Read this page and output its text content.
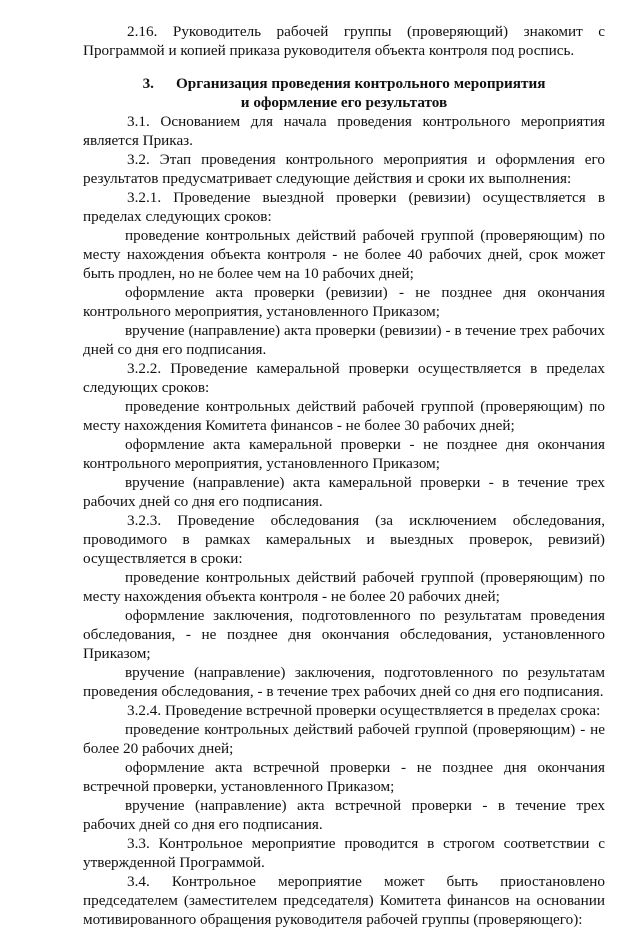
2.16. Руководитель рабочей группы (проверяющий) знакомит с Программой и копией приказа руководителя объекта контроля под роспись.

3. Организация проведения контрольного мероприятия
и оформление его результатов

3.1. Основанием для начала проведения контрольного мероприятия является Приказ.

3.2. Этап проведения контрольного мероприятия и оформления его результатов предусматривает следующие действия и сроки их выполнения:

3.2.1. Проведение выездной проверки (ревизии) осуществляется в пределах следующих сроков:

проведение контрольных действий рабочей группой (проверяющим) по месту нахождения объекта контроля - не более 40 рабочих дней, срок может быть продлен, но не более чем на 10 рабочих дней;

оформление акта проверки (ревизии) - не позднее дня окончания контрольного мероприятия, установленного Приказом;

вручение (направление) акта проверки (ревизии) - в течение трех рабочих дней со дня его подписания.

3.2.2. Проведение камеральной проверки осуществляется в пределах следующих сроков:

проведение контрольных действий рабочей группой (проверяющим) по месту нахождения Комитета финансов - не более 30 рабочих дней;

оформление акта камеральной проверки - не позднее дня окончания контрольного мероприятия, установленного Приказом;

вручение (направление) акта камеральной проверки - в течение трех рабочих дней со дня его подписания.

3.2.3. Проведение обследования (за исключением обследования, проводимого в рамках камеральных и выездных проверок, ревизий) осуществляется в сроки:

проведение контрольных действий рабочей группой (проверяющим) по месту нахождения объекта контроля - не более 20 рабочих дней;

оформление заключения, подготовленного по результатам проведения обследования, - не позднее дня окончания обследования, установленного Приказом;

вручение (направление) заключения, подготовленного по результатам проведения обследования, - в течение трех рабочих дней со дня его подписания.

3.2.4. Проведение встречной проверки осуществляется в пределах срока:

проведение контрольных действий рабочей группой (проверяющим) - не более 20 рабочих дней;

оформление акта встречной проверки - не позднее дня окончания встречной проверки, установленного Приказом;

вручение (направление) акта встречной проверки - в течение трех рабочих дней со дня его подписания.

3.3. Контрольное мероприятие проводится в строгом соответствии с утвержденной Программой.

3.4. Контрольное мероприятие может быть приостановлено председателем (заместителем председателя) Комитета финансов на основании мотивированного обращения руководителя рабочей группы (проверяющего):
